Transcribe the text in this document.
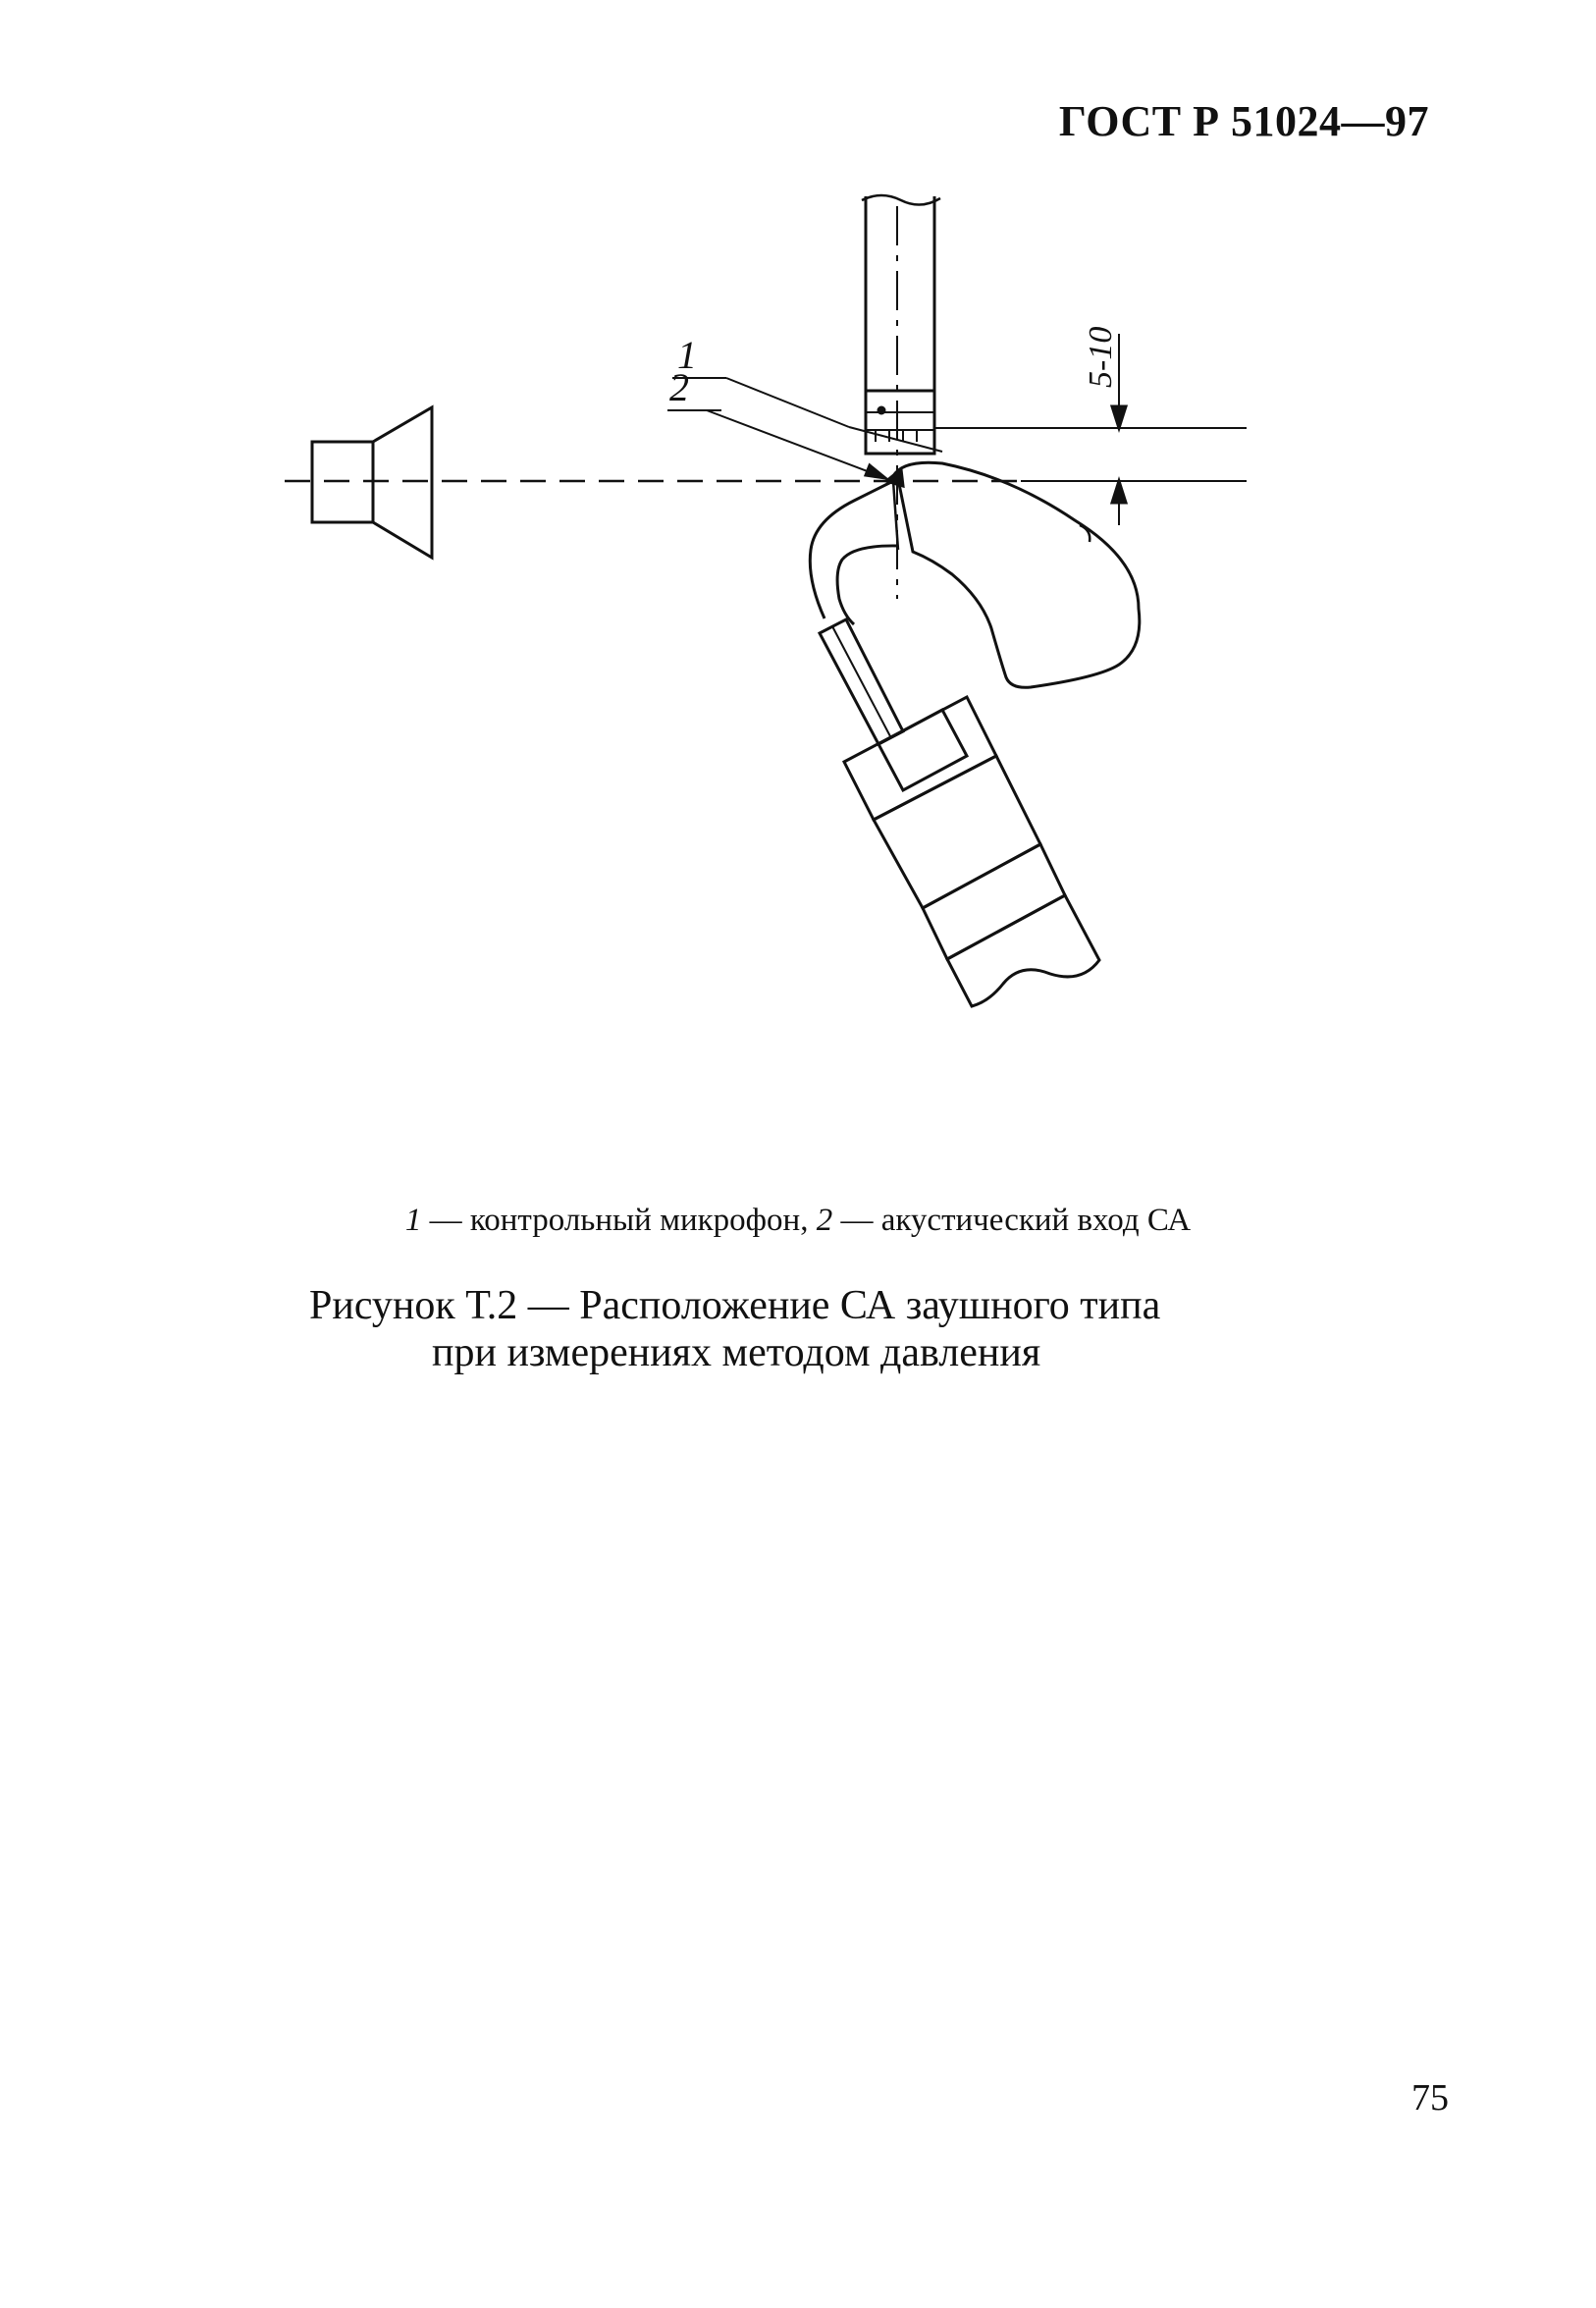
ГОСТ Р 51024—97
1
2	5-10
1 — контрольный микрофон, 2 — акустический вход СА
Рисунок Т.2 — Расположение СА заушного типа
при измерениях методом давления
75
